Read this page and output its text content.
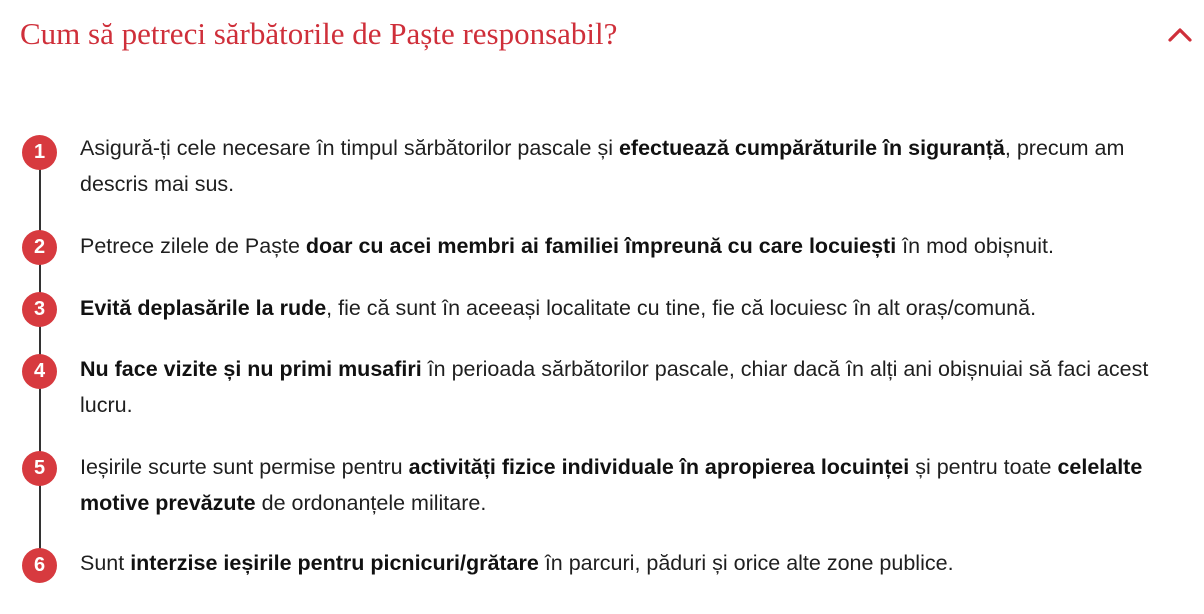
Cum să petreci sărbătorile de Paște responsabil?
1	Asigură-ți cele necesare în timpul sărbătorilor pascale și efectuează cumpărăturile în siguranță, precum am descris mai sus.

2	Petrece zilele de Paște doar cu acei membri ai familiei împreună cu care locuiești în mod obișnuit.

3	Evită deplasările la rude, fie că sunt în aceeași localitate cu tine, fie că locuiesc în alt oraș/comună.

4	Nu face vizite și nu primi musafiri în perioada sărbătorilor pascale, chiar dacă în alți ani obișnuiai să faci acest lucru.

5	Ieșirile scurte sunt permise pentru activități fizice individuale în apropierea locuinței și pentru toate celelalte motive prevăzute de ordonanțele militare.

6	Sunt interzise ieșirile pentru picnicuri/grătare în parcuri, păduri și orice alte zone publice.
